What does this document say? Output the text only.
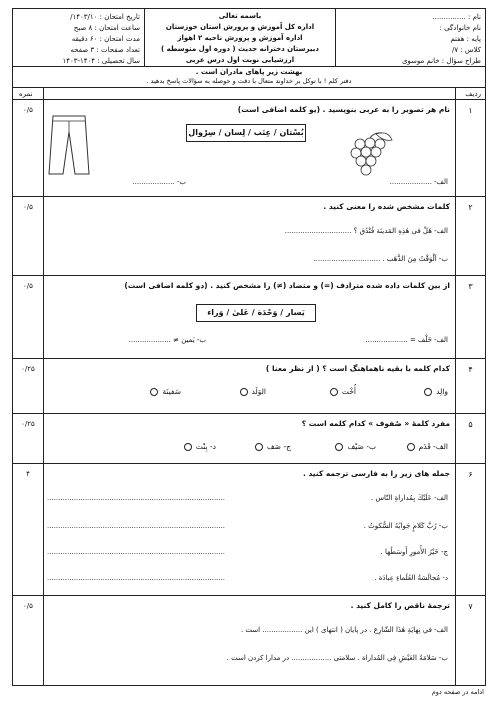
نام : ...............
نام خانوادگی :
پایه : هفتم
کلاس : ۷/
طراح سؤال : خانم موسوی
باسمه تعالی
اداره کل آموزش و پرورش استان خوزستان
اداره آموزش و پرورش ناحیه ۲ اهواز
دبیرستان دخترانه حدیث ( دوره اول متوسطه )
ارزشیابی نوبت اول درس عربی
تاریخ امتحان : ۱۴۰۳/۱۰/
ساعت امتحان : ۸ صبح
مدت امتحان : ۶۰ دقیقه
تعداد صفحات : ۳ صفحه
سال تحصیلی : ۱۴۰۴-۱۴۰۳
بهشت زیر پاهای مادران است .
دفتر کلم ! با توکل بر خداوند متعال با دقت و حوصله به سؤالات پاسخ بدهید .
ردیف
نمره
۱
۰/۵	نام هر تصویر را به عربی بنویسید . (یو کلمه اضافی است)
بُسْتان / عِنَب / لِسان / سِرْوال
الف- ...................
ب- ...................
۲
۰/۵	کلمات مشخص شده را معنی کنید .
الف- هَلْ فی هٰذِهِ المَدينَة فُنْدُق ؟ ..............................
ب- اَلْوَقْتُ مِنَ الذَّهَب . ..............................
۳
۰/۵	از بین کلمات داده شده مترادف (=) و متضاد (≠) را مشخص کنید . (دو کلمه اضافی است)
يَسار / وَحْدَة / عَلىٰ / وَراء
الف- خَلْف = ...................
ب- يَمين ≠ ...................
۴
۰/۲۵	کدام کلمه با بقیه ناهماهنگ است ؟ ( از نظر معنا )
والِد
أُخْت
الوَلَد
سَفينَة
۵
۰/۲۵	مفرد کلمهٔ « صُفوف » کدام کلمه است ؟
الف- قَدَم
ب- صَيْف
ج- صَف
د- بِنْت
۶
۴	جمله های زیر را به فارسی ترجمه کنید .
الف- عَلَيْكَ بِمُداراةِ النّاس .
................................................................................
ب- رُبَّ كَلامٍ جَوابُهُ السُّكوتُ .
................................................................................
ج- خَيْرُ الأُمورِ أَوسَطُها .
................................................................................
د- مُجالَسَةُ العُلَماءِ عِبادَة .
................................................................................
۷
۰/۵	ترجمهٔ ناقص را کامل کنید .
الف- في نِهايَةِ هٰذَا الشّارِع . در پایان ( انتهای ) این .................. است .
ب- سَلامَةُ العَيْشِ فِي المُداراة . سلامتی .................. در مدارا کردن است .
ادامه در صفحه دوم
